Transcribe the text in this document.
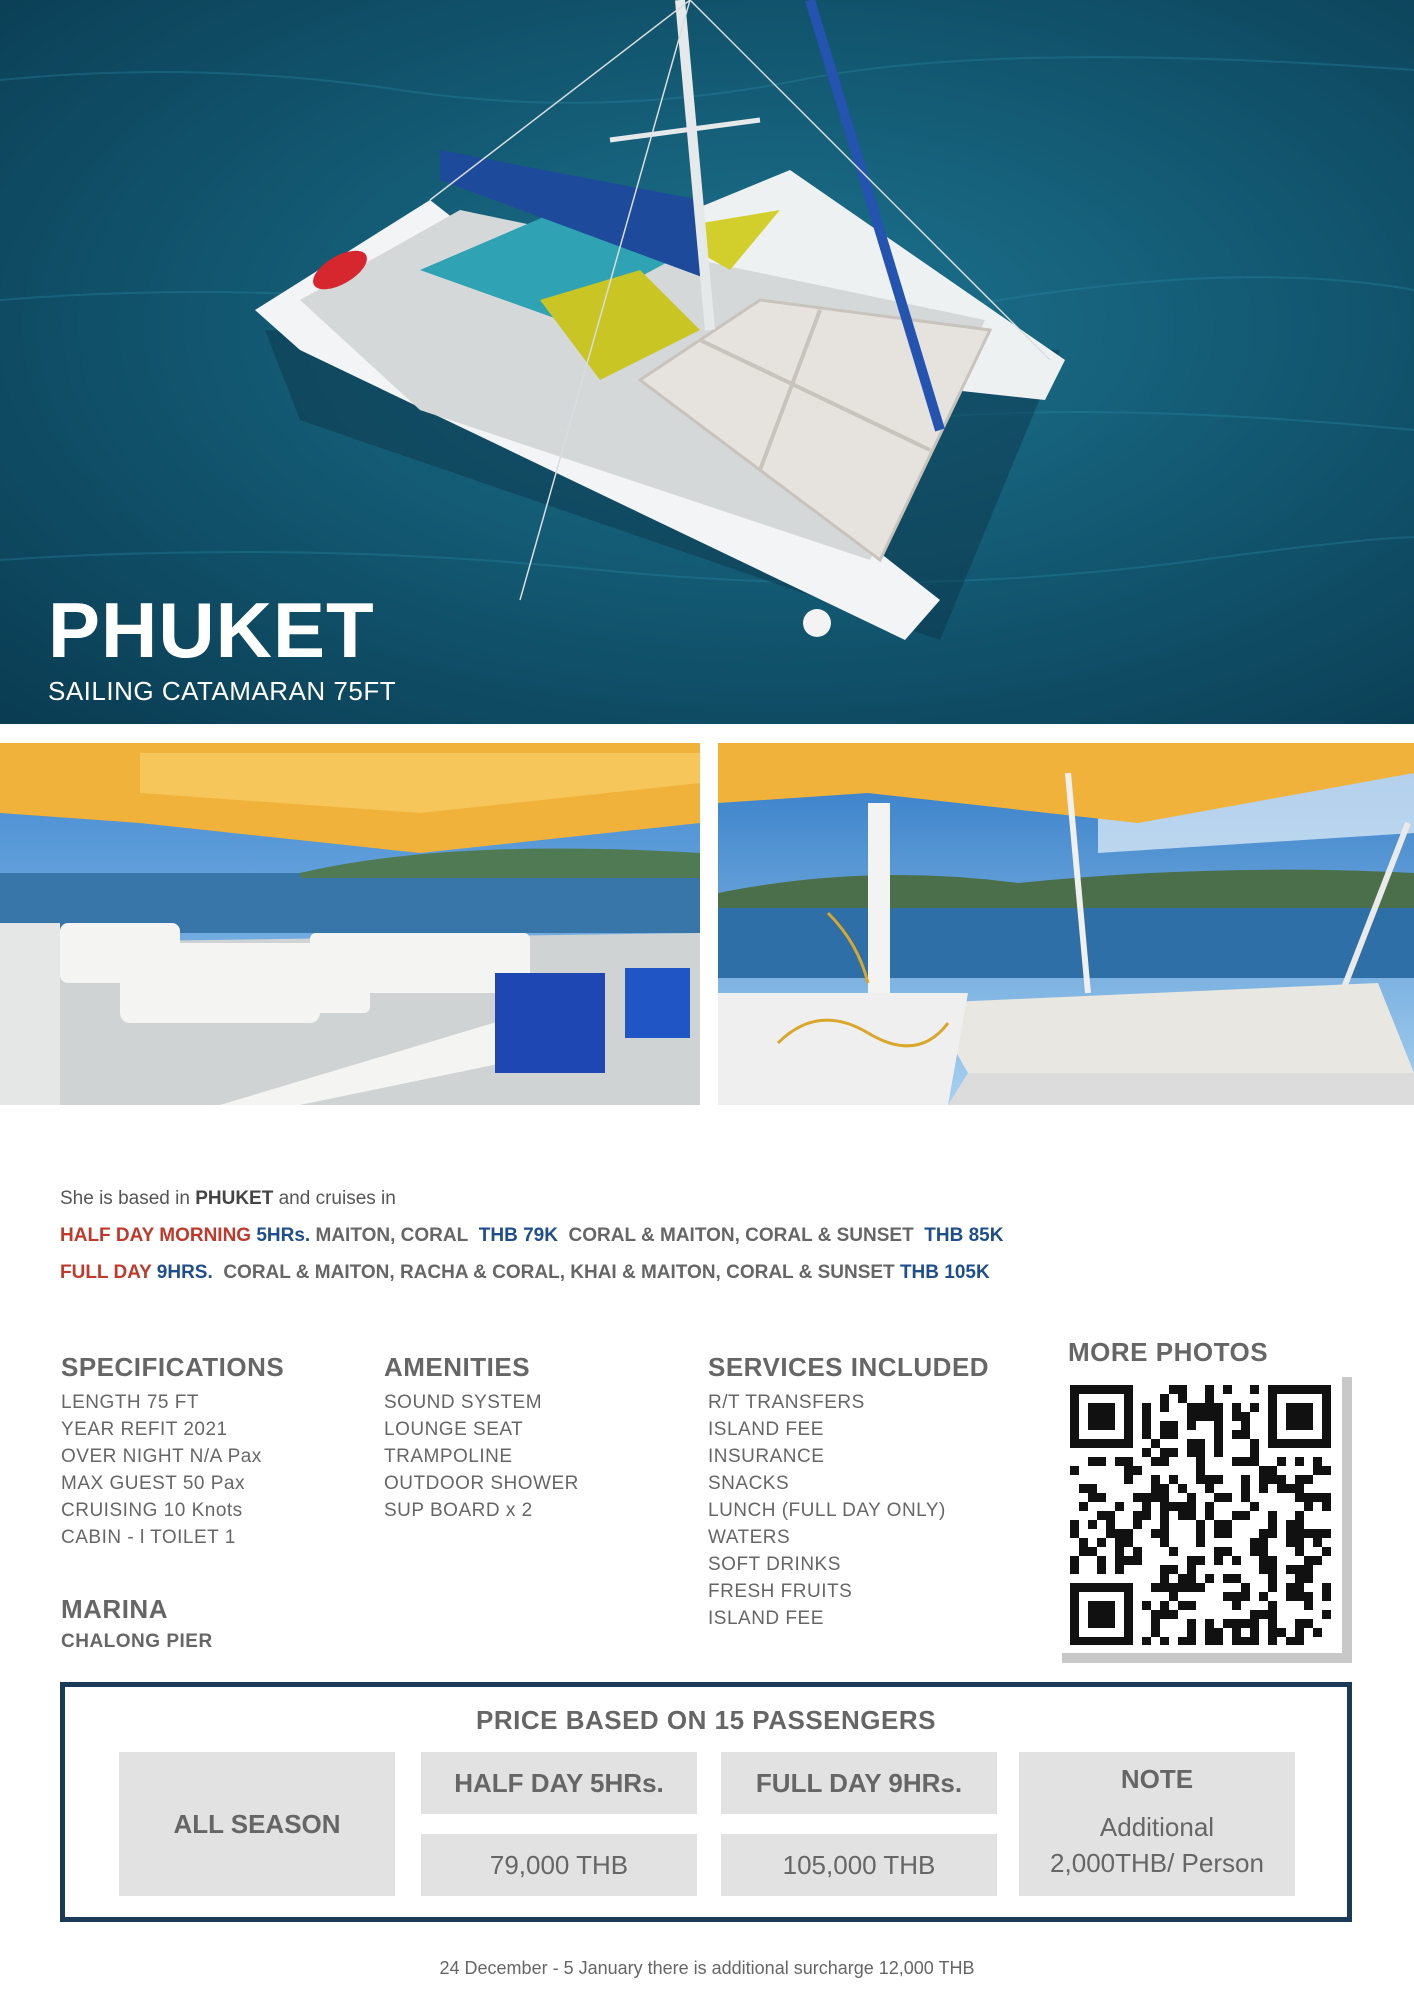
PHUKET
SAILING CATAMARAN 75FT
She is based in PHUKET and cruises in
HALF DAY MORNING 5HRs. MAITON, CORAL THB 79K CORAL & MAITON, CORAL & SUNSET THB 85K
FULL DAY 9HRS. CORAL & MAITON, RACHA & CORAL, KHAI & MAITON, CORAL & SUNSET THB 105K
SPECIFICATIONS
LENGTH 75 FT
YEAR REFIT 2021
OVER NIGHT N/A Pax
MAX GUEST 50 Pax
CRUISING 10 Knots
CABIN - l TOILET 1
AMENITIES
SOUND SYSTEM
LOUNGE SEAT
TRAMPOLINE
OUTDOOR SHOWER
SUP BOARD x 2
SERVICES INCLUDED
R/T TRANSFERS
ISLAND FEE
INSURANCE
SNACKS
LUNCH (FULL DAY ONLY)
WATERS
SOFT DRINKS
FRESH FRUITS
ISLAND FEE
MARINA

CHALONG PIER

MORE PHOTOS
PRICE BASED ON 15 PASSENGERS
ALL SEASON
HALF DAY 5HRs.	FULL DAY 9HRs.
79,000 THB	105,000 THB
NOTE
Additional
2,000THB/ Person
24 December - 5 January there is additional surcharge 12,000 THB
